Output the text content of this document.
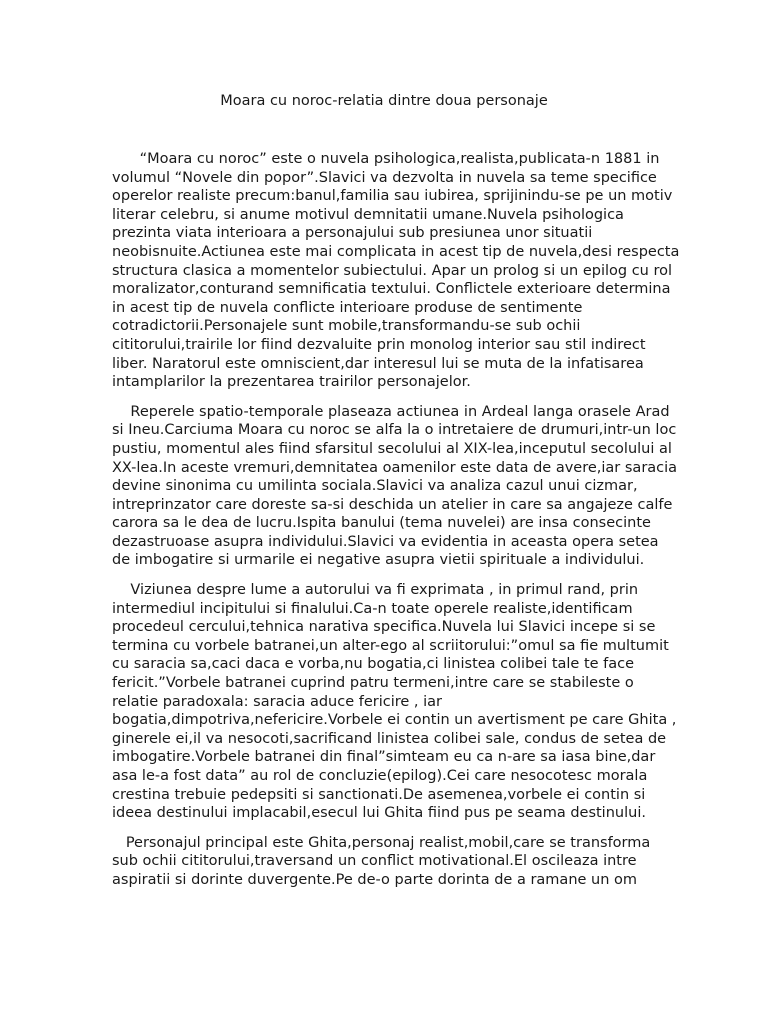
Moara cu noroc-relatia dintre doua personaje

“Moara cu noroc” este o nuvela psihologica,realista,publicata-n 1881 in
volumul “Novele din popor”.Slavici va dezvolta in nuvela sa teme specifice
operelor realiste precum:banul,familia sau iubirea, sprijinindu-se pe un motiv
literar celebru, si anume motivul demnitatii umane.Nuvela psihologica
prezinta viata interioara a personajului sub presiunea unor situatii
neobisnuite.Actiunea este mai complicata in acest tip de nuvela,desi respecta
structura clasica a momentelor subiectului. Apar un prolog si un epilog cu rol
moralizator,conturand semnificatia textului. Conflictele exterioare determina
in acest tip de nuvela conflicte interioare produse de sentimente
cotradictorii.Personajele sunt mobile,transformandu-se sub ochii
cititorului,trairile lor fiind dezvaluite prin monolog interior sau stil indirect
liber. Naratorul este omniscient,dar interesul lui se muta de la infatisarea
intamplarilor la prezentarea trairilor personajelor.

Reperele spatio-temporale plaseaza actiunea in Ardeal langa orasele Arad
si Ineu.Carciuma Moara cu noroc se alfa la o intretaiere de drumuri,intr-un loc
pustiu, momentul ales fiind sfarsitul secolului al XIX-lea,inceputul secolului al
XX-lea.In aceste vremuri,demnitatea oamenilor este data de avere,iar saracia
devine sinonima cu umilinta sociala.Slavici va analiza cazul unui cizmar,
intreprinzator care doreste sa-si deschida un atelier in care sa angajeze calfe
carora sa le dea de lucru.Ispita banului (tema nuvelei) are insa consecinte
dezastruoase asupra individului.Slavici va evidentia in aceasta opera setea
de imbogatire si urmarile ei negative asupra vietii spirituale a individului.

Viziunea despre lume a autorului va fi exprimata , in primul rand, prin
intermediul incipitului si finalului.Ca-n toate operele realiste,identificam
procedeul cercului,tehnica narativa specifica.Nuvela lui Slavici incepe si se
termina cu vorbele batranei,un alter-ego al scriitorului:”omul sa fie multumit
cu saracia sa,caci daca e vorba,nu bogatia,ci linistea colibei tale te face
fericit.”Vorbele batranei cuprind patru termeni,intre care se stabileste o
relatie paradoxala: saracia aduce fericire , iar
bogatia,dimpotriva,nefericire.Vorbele ei contin un avertisment pe care Ghita ,
ginerele ei,il va nesocoti,sacrificand linistea colibei sale, condus de setea de
imbogatire.Vorbele batranei din final”simteam eu ca n-are sa iasa bine,dar
asa le-a fost data” au rol de concluzie(epilog).Cei care nesocotesc morala
crestina trebuie pedepsiti si sanctionati.De asemenea,vorbele ei contin si
ideea destinului implacabil,esecul lui Ghita fiind pus pe seama destinului.

Personajul principal este Ghita,personaj realist,mobil,care se transforma
sub ochii cititorului,traversand un conflict motivational.El oscileaza intre
aspiratii si dorinte duvergente.Pe de-o parte dorinta de a ramane un om
